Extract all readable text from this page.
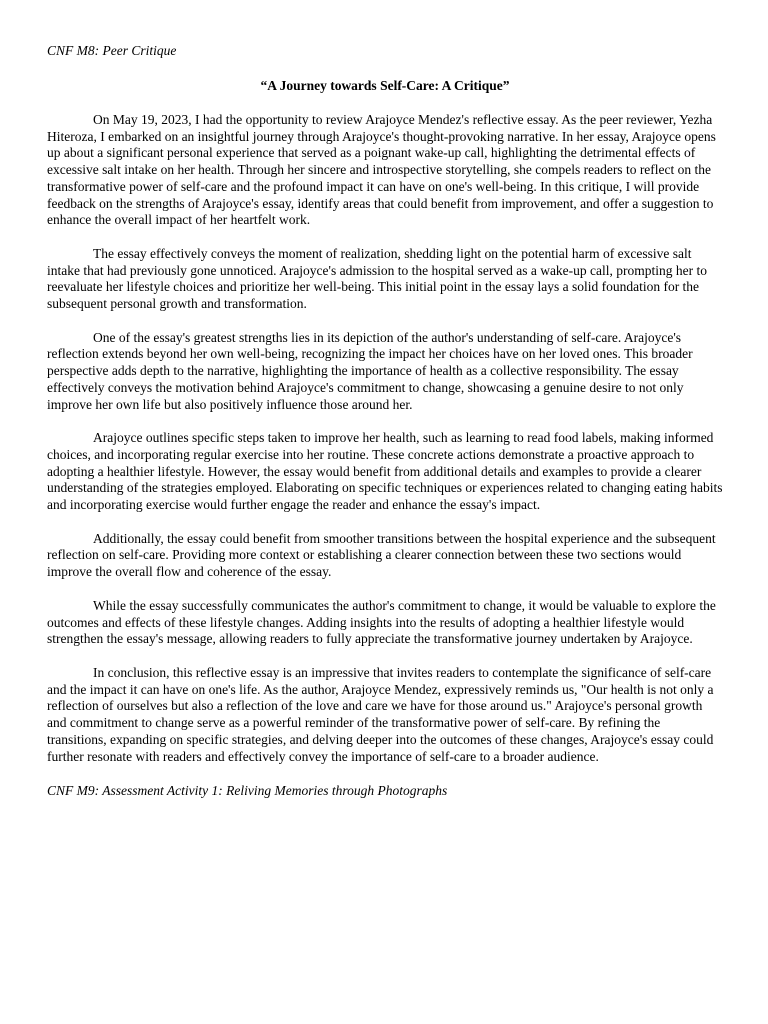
CNF M8: Peer Critique

“A Journey towards Self-Care: A Critique”

On May 19, 2023, I had the opportunity to review Arajoyce Mendez's reflective essay. As the peer reviewer, Yezha Hiteroza, I embarked on an insightful journey through Arajoyce's thought-provoking narrative. In her essay, Arajoyce opens up about a significant personal experience that served as a poignant wake-up call, highlighting the detrimental effects of excessive salt intake on her health. Through her sincere and introspective storytelling, she compels readers to reflect on the transformative power of self-care and the profound impact it can have on one's well-being. In this critique, I will provide feedback on the strengths of Arajoyce's essay, identify areas that could benefit from improvement, and offer a suggestion to enhance the overall impact of her heartfelt work.

The essay effectively conveys the moment of realization, shedding light on the potential harm of excessive salt intake that had previously gone unnoticed. Arajoyce's admission to the hospital served as a wake-up call, prompting her to reevaluate her lifestyle choices and prioritize her well-being. This initial point in the essay lays a solid foundation for the subsequent personal growth and transformation.

One of the essay's greatest strengths lies in its depiction of the author's understanding of self-care. Arajoyce's reflection extends beyond her own well-being, recognizing the impact her choices have on her loved ones. This broader perspective adds depth to the narrative, highlighting the importance of health as a collective responsibility. The essay effectively conveys the motivation behind Arajoyce's commitment to change, showcasing a genuine desire to not only improve her own life but also positively influence those around her.

Arajoyce outlines specific steps taken to improve her health, such as learning to read food labels, making informed choices, and incorporating regular exercise into her routine. These concrete actions demonstrate a proactive approach to adopting a healthier lifestyle. However, the essay would benefit from additional details and examples to provide a clearer understanding of the strategies employed. Elaborating on specific techniques or experiences related to changing eating habits and incorporating exercise would further engage the reader and enhance the essay's impact.

Additionally, the essay could benefit from smoother transitions between the hospital experience and the subsequent reflection on self-care. Providing more context or establishing a clearer connection between these two sections would improve the overall flow and coherence of the essay.

While the essay successfully communicates the author's commitment to change, it would be valuable to explore the outcomes and effects of these lifestyle changes. Adding insights into the results of adopting a healthier lifestyle would strengthen the essay's message, allowing readers to fully appreciate the transformative journey undertaken by Arajoyce.

In conclusion, this reflective essay is an impressive that invites readers to contemplate the significance of self-care and the impact it can have on one's life. As the author, Arajoyce Mendez, expressively reminds us, "Our health is not only a reflection of ourselves but also a reflection of the love and care we have for those around us." Arajoyce's personal growth and commitment to change serve as a powerful reminder of the transformative power of self-care. By refining the transitions, expanding on specific strategies, and delving deeper into the outcomes of these changes, Arajoyce's essay could further resonate with readers and effectively convey the importance of self-care to a broader audience.

CNF M9: Assessment Activity 1: Reliving Memories through Photographs
